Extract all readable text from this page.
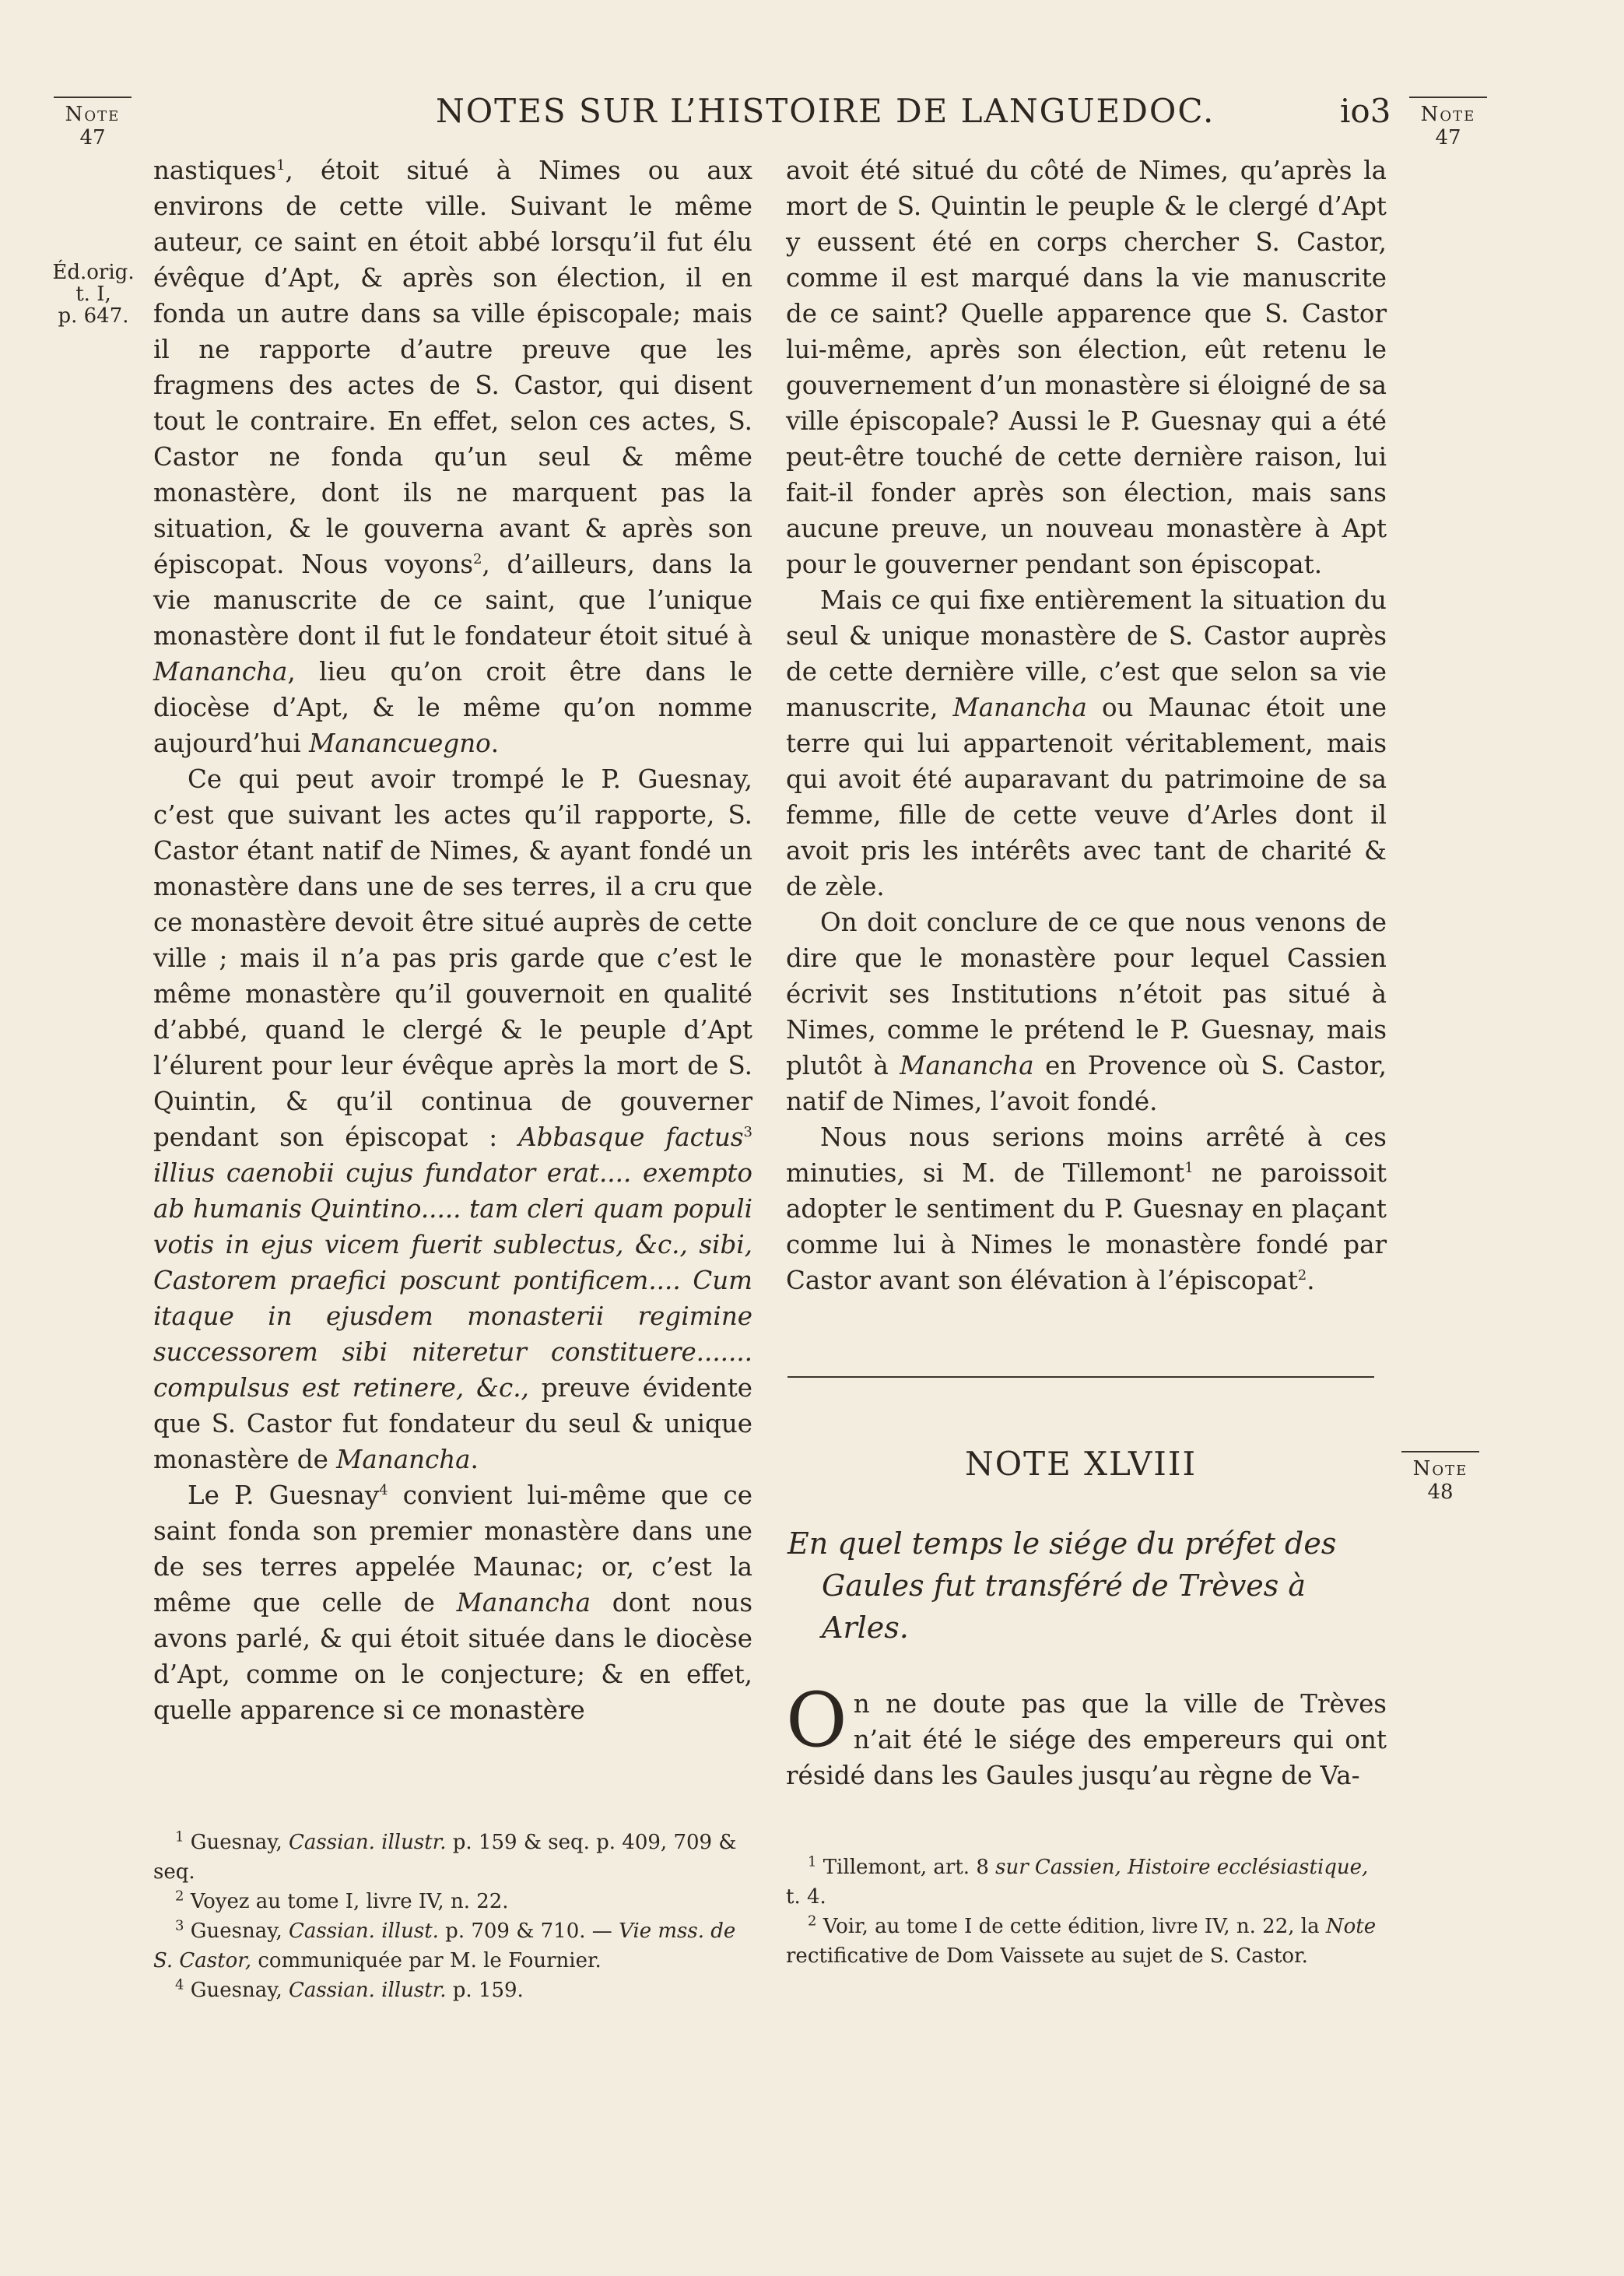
NOTES SUR L’HISTOIRE DE LANGUEDOC.	io3
Note
47
Note
47
Éd.orig.
t. I,
p. 647.

nastiques$^1$, étoit situé à Nimes ou aux environs de cette ville. Suivant le même auteur, ce saint en étoit abbé lorsqu’il fut élu évêque d’Apt, & après son élection, il en fonda un autre dans sa ville épiscopale; mais il ne rapporte d’autre preuve que les fragmens des actes de S. Castor, qui disent tout le contraire. En effet, selon ces actes, S. Castor ne fonda qu’un seul & même monastère, dont ils ne marquent pas la situation, & le gouverna avant & après son épiscopat. Nous voyons$^2$, d’ailleurs, dans la vie manuscrite de ce saint, que l’unique monastère dont il fut le fondateur étoit situé à Manancha, lieu qu’on croit être dans le diocèse d’Apt, & le même qu’on nomme aujourd’hui Manancuegno.

Ce qui peut avoir trompé le P. Guesnay, c’est que suivant les actes qu’il rapporte, S. Castor étant natif de Nimes, & ayant fondé un monastère dans une de ses terres, il a cru que ce monastère devoit être situé auprès de cette ville ; mais il n’a pas pris garde que c’est le même monastère qu’il gouvernoit en qualité d’abbé, quand le clergé & le peuple d’Apt l’élurent pour leur évêque après la mort de S. Quintin, & qu’il continua de gouverner pendant son épiscopat : Abbasque factus$^3$ illius caenobii cujus fundator erat.... exempto ab humanis Quintino..... tam cleri quam populi votis in ejus vicem fuerit sublectus, &c., sibi, Castorem praefici poscunt pontificem.... Cum itaque in ejusdem monasterii regimine successorem sibi niteretur constituere....... compulsus est retinere, &c., preuve évidente que S. Castor fut fondateur du seul & unique monastère de Manancha.

Le P. Guesnay$^4$ convient lui-même que ce saint fonda son premier monastère dans une de ses terres appelée Maunac; or, c’est la même que celle de Manancha dont nous avons parlé, & qui étoit située dans le diocèse d’Apt, comme on le conjecture; & en effet, quelle apparence si ce monastère

avoit été situé du côté de Nimes, qu’après la mort de S. Quintin le peuple & le clergé d’Apt y eussent été en corps chercher S. Castor, comme il est marqué dans la vie manuscrite de ce saint? Quelle apparence que S. Castor lui-même, après son élection, eût retenu le gouvernement d’un monastère si éloigné de sa ville épiscopale? Aussi le P. Guesnay qui a été peut-être touché de cette dernière raison, lui fait-il fonder après son élection, mais sans aucune preuve, un nouveau monastère à Apt pour le gouverner pendant son épiscopat.

Mais ce qui fixe entièrement la situation du seul & unique monastère de S. Castor auprès de cette dernière ville, c’est que selon sa vie manuscrite, Manancha ou Maunac étoit une terre qui lui appartenoit véritablement, mais qui avoit été auparavant du patrimoine de sa femme, fille de cette veuve d’Arles dont il avoit pris les intérêts avec tant de charité & de zèle.

On doit conclure de ce que nous venons de dire que le monastère pour lequel Cassien écrivit ses Institutions n’étoit pas situé à Nimes, comme le prétend le P. Guesnay, mais plutôt à Manancha en Provence où S. Castor, natif de Nimes, l’avoit fondé.

Nous nous serions moins arrêté à ces minuties, si M. de Tillemont$^1$ ne paroissoit adopter le sentiment du P. Guesnay en plaçant comme lui à Nimes le monastère fondé par Castor avant son élévation à l’épiscopat$^2$.

NOTE XLVIII	Note
48
En quel temps le siége du préfet des
Gaules fut transféré de Trèves à
Arles.
On ne doute pas que la ville de Trèves n’ait été le siége des empereurs qui ont résidé dans les Gaules jusqu’au règne de Va-

$^1$ Guesnay, Cassian. illustr. p. 159 & seq. p. 409, 709 & seq.

$^2$ Voyez au tome I, livre IV, n. 22.

$^3$ Guesnay, Cassian. illust. p. 709 & 710. — Vie mss. de S. Castor, communiquée par M. le Fournier.

$^4$ Guesnay, Cassian. illustr. p. 159.

$^1$ Tillemont, art. 8 sur Cassien, Histoire ecclésiastique, t. 4.

$^2$ Voir, au tome I de cette édition, livre IV, n. 22, la Note rectificative de Dom Vaissete au sujet de S. Castor.
